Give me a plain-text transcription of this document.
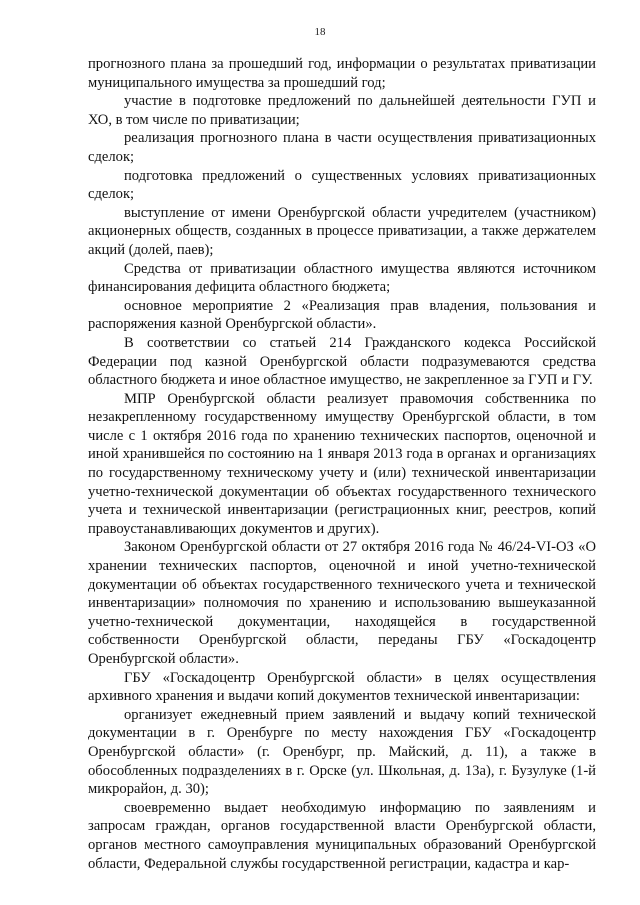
18

прогнозного плана за прошедший год, информации о результатах приватизации муниципального имущества за прошедший год;

участие в подготовке предложений по дальнейшей деятельности ГУП и ХО, в том числе по приватизации;

реализация прогнозного плана в части осуществления приватизационных сделок;

подготовка предложений о существенных условиях приватизационных сделок;

выступление от имени Оренбургской области учредителем (участником) акционерных обществ, созданных в процессе приватизации, а также держателем акций (долей, паев);

Средства от приватизации областного имущества являются источником финансирования дефицита областного бюджета;

основное мероприятие 2 «Реализация прав владения, пользования и распоряжения казной Оренбургской области».

В соответствии со статьей 214 Гражданского кодекса Российской Федерации под казной Оренбургской области подразумеваются средства областного бюджета и иное областное имущество, не закрепленное за ГУП и ГУ.

МПР Оренбургской области реализует правомочия собственника по незакрепленному государственному имуществу Оренбургской области, в том числе с 1 октября 2016 года по хранению технических паспортов, оценочной и иной хранившейся по состоянию на 1 января 2013 года в органах и организациях по государственному техническому учету и (или) технической инвентаризации учетно-технической документации об объектах государственного технического учета и технической инвентаризации (регистрационных книг, реестров, копий правоустанавливающих документов и других).

Законом Оренбургской области от 27 октября 2016 года № 46/24-VI-ОЗ «О хранении технических паспортов, оценочной и иной учетно-технической документации об объектах государственного технического учета и технической инвентаризации» полномочия по хранению и использованию вышеуказанной учетно-технической документации, находящейся в государственной собственности Оренбургской области, переданы ГБУ «Госкадоцентр Оренбургской области».

ГБУ «Госкадоцентр Оренбургской области» в целях осуществления архивного хранения и выдачи копий документов технической инвентаризации:

организует ежедневный прием заявлений и выдачу копий технической документации в г. Оренбурге по месту нахождения ГБУ «Госкадоцентр Оренбургской области» (г. Оренбург, пр. Майский, д. 11), а также в обособленных подразделениях в г. Орске (ул. Школьная, д. 13а), г. Бузулуке (1-й микрорайон, д. 30);

своевременно выдает необходимую информацию по заявлениям и запросам граждан, органов государственной власти Оренбургской области, органов местного самоуправления муниципальных образований Оренбургской области, Федеральной службы государственной регистрации, кадастра и кар-
